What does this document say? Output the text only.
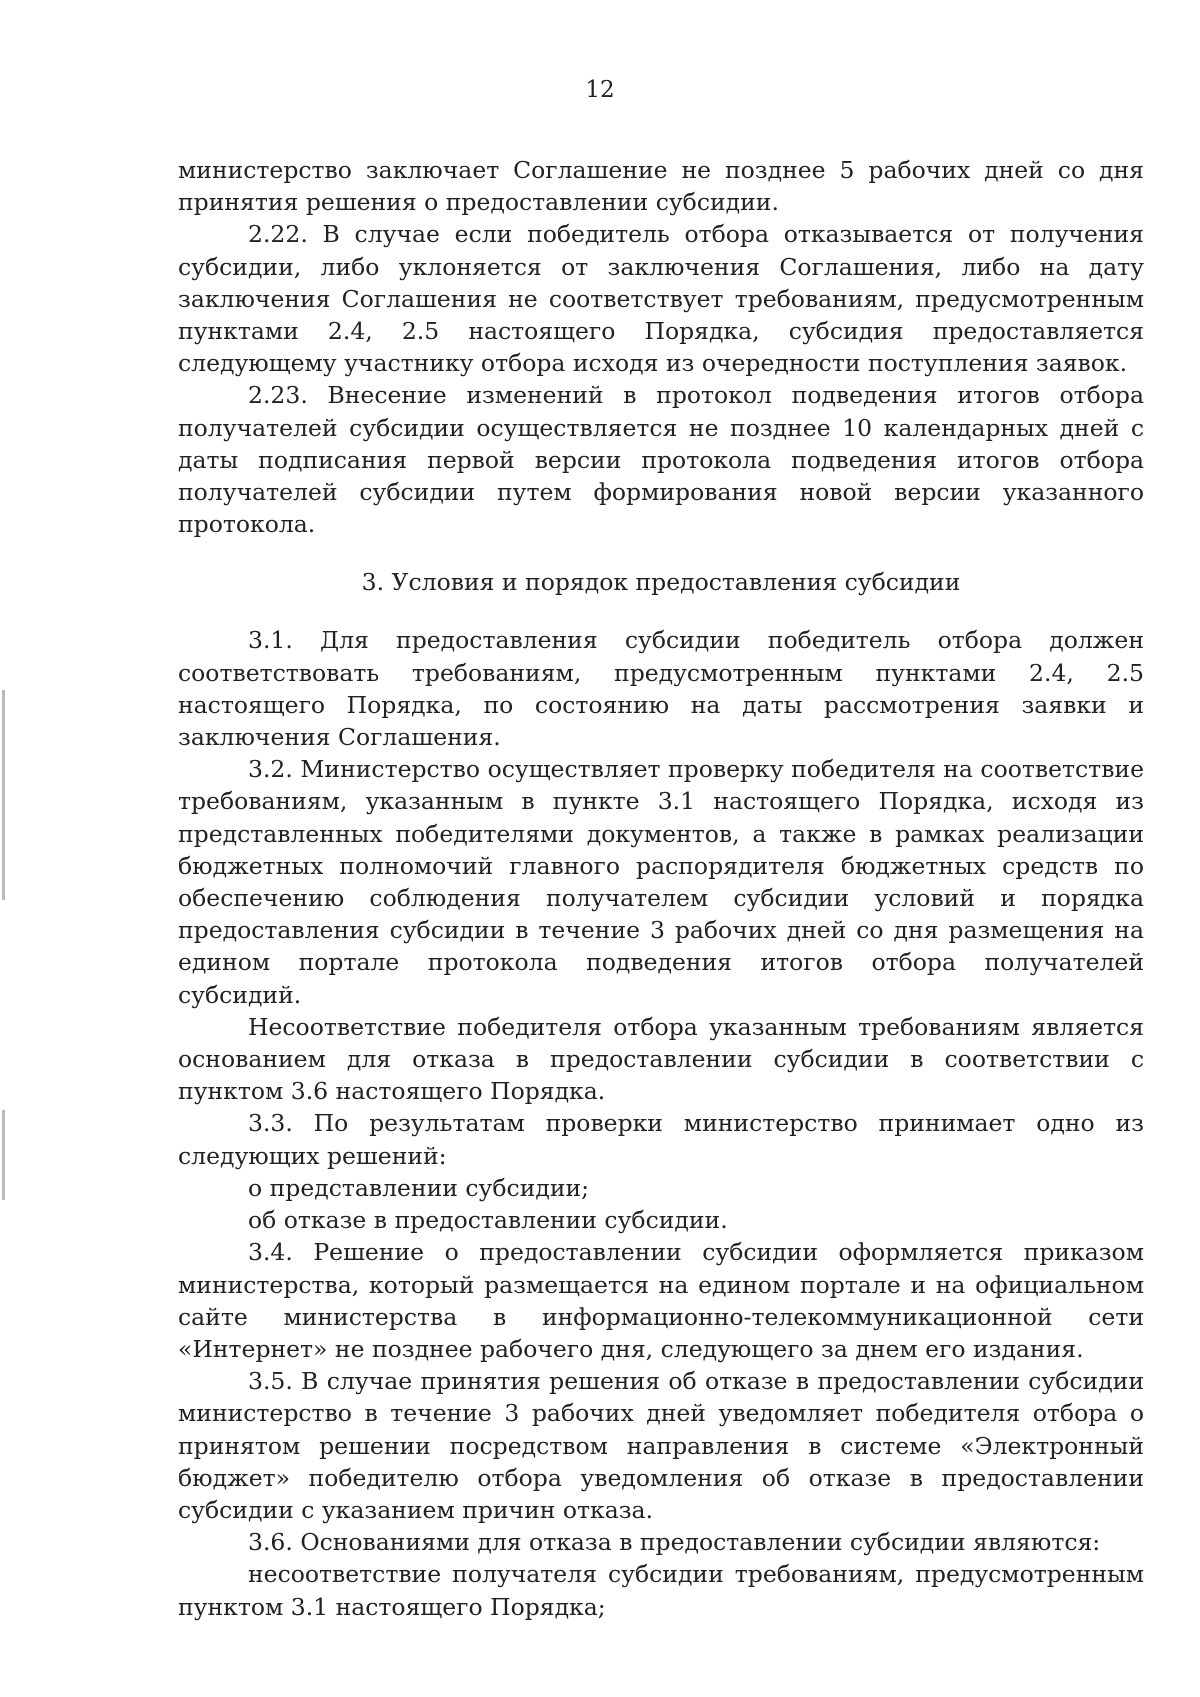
12

министерство заключает Соглашение не позднее 5 рабочих дней со дня принятия решения о предоставлении субсидии.

2.22. В случае если победитель отбора отказывается от получения субсидии, либо уклоняется от заключения Соглашения, либо на дату заключения Соглашения не соответствует требованиям, предусмотренным пунктами 2.4, 2.5 настоящего Порядка, субсидия предоставляется следующему участнику отбора исходя из очередности поступления заявок.

2.23. Внесение изменений в протокол подведения итогов отбора получателей субсидии осуществляется не позднее 10 календарных дней с даты подписания первой версии протокола подведения итогов отбора получателей субсидии путем формирования новой версии указанного протокола.

3. Условия и порядок предоставления субсидии

3.1. Для предоставления субсидии победитель отбора должен соответствовать требованиям, предусмотренным пунктами 2.4, 2.5 настоящего Порядка, по состоянию на даты рассмотрения заявки и заключения Соглашения.

3.2. Министерство осуществляет проверку победителя на соответствие требованиям, указанным в пункте 3.1 настоящего Порядка, исходя из представленных победителями документов, а также в рамках реализации бюджетных полномочий главного распорядителя бюджетных средств по обеспечению соблюдения получателем субсидии условий и порядка предоставления субсидии в течение 3 рабочих дней со дня размещения на едином портале протокола подведения итогов отбора получателей субсидий.

Несоответствие победителя отбора указанным требованиям является основанием для отказа в предоставлении субсидии в соответствии с пунктом 3.6 настоящего Порядка.

3.3. По результатам проверки министерство принимает одно из следующих решений:

о представлении субсидии;

об отказе в предоставлении субсидии.

3.4. Решение о предоставлении субсидии оформляется приказом министерства, который размещается на едином портале и на официальном сайте министерства в информационно-телекоммуникационной сети «Интернет» не позднее рабочего дня, следующего за днем его издания.

3.5. В случае принятия решения об отказе в предоставлении субсидии министерство в течение 3 рабочих дней уведомляет победителя отбора о принятом решении посредством направления в системе «Электронный бюджет» победителю отбора уведомления об отказе в предоставлении субсидии с указанием причин отказа.

3.6. Основаниями для отказа в предоставлении субсидии являются:

несоответствие получателя субсидии требованиям, предусмотренным пунктом 3.1 настоящего Порядка;
